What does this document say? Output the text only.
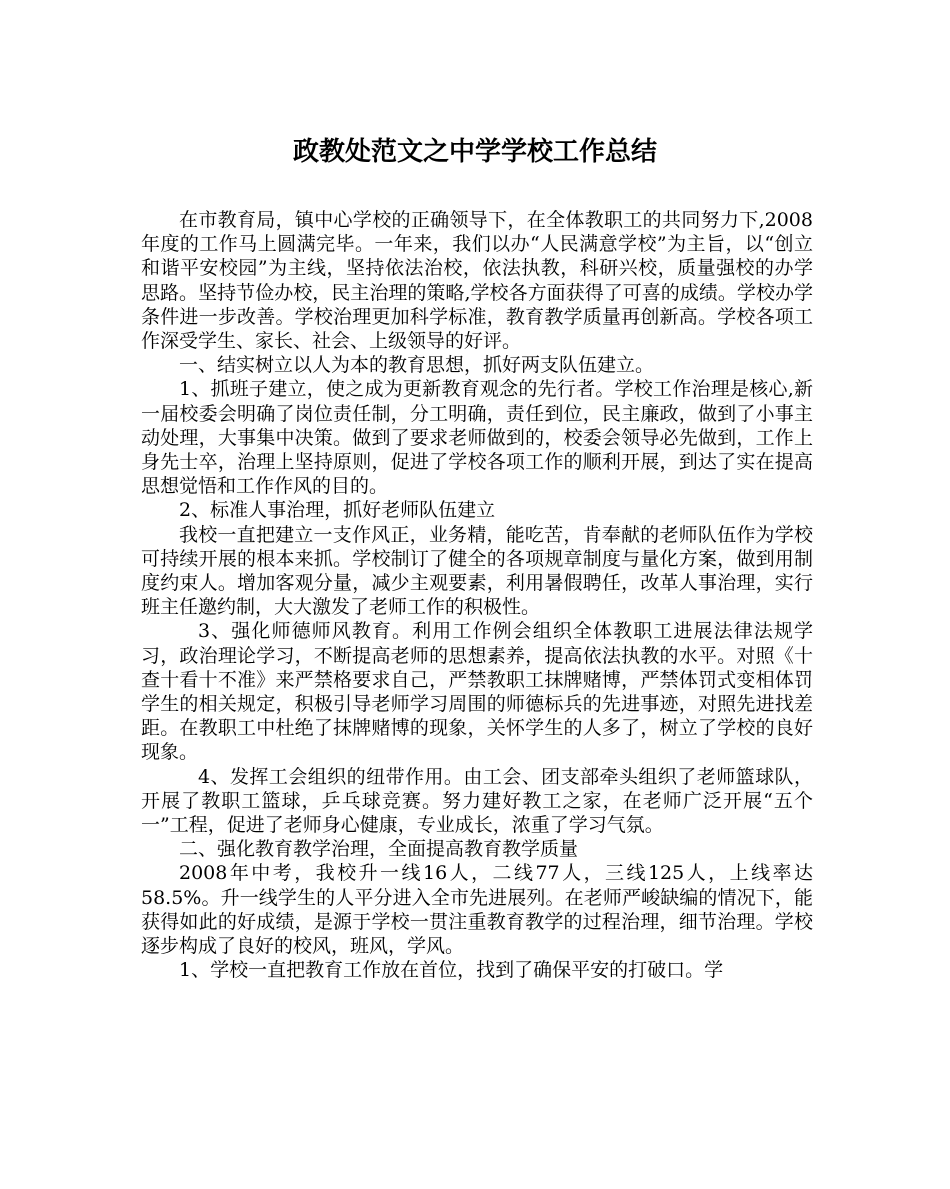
政教处范文之中学学校工作总结

在市教育局，镇中心学校的正确领导下，在全体教职工的共同努力下,2008年度的工作马上圆满完毕。一年来，我们以办“人民满意学校”为主旨，以“创立和谐平安校园”为主线，坚持依法治校，依法执教，科研兴校，质量强校的办学思路。坚持节俭办校，民主治理的策略,学校各方面获得了可喜的成绩。学校办学条件进一步改善。学校治理更加科学标准，教育教学质量再创新高。学校各项工作深受学生、家长、社会、上级领导的好评。

一、结实树立以人为本的教育思想，抓好两支队伍建立。

1、抓班子建立，使之成为更新教育观念的先行者。学校工作治理是核心,新一届校委会明确了岗位责任制，分工明确，责任到位，民主廉政，做到了小事主动处理，大事集中决策。做到了要求老师做到的，校委会领导必先做到，工作上身先士卒，治理上坚持原则，促进了学校各项工作的顺利开展，到达了实在提高思想觉悟和工作作风的目的。

2、标准人事治理，抓好老师队伍建立

我校一直把建立一支作风正，业务精，能吃苦，肯奉献的老师队伍作为学校可持续开展的根本来抓。学校制订了健全的各项规章制度与量化方案，做到用制度约束人。增加客观分量，减少主观要素，利用暑假聘任，改革人事治理，实行班主任邀约制，大大激发了老师工作的积极性。

3、强化师德师风教育。利用工作例会组织全体教职工进展法律法规学习，政治理论学习，不断提高老师的思想素养，提高依法执教的水平。对照《十查十看十不准》来严禁格要求自己，严禁教职工抹牌赌博，严禁体罚式变相体罚学生的相关规定，积极引导老师学习周围的师德标兵的先进事迹，对照先进找差距。在教职工中杜绝了抹牌赌博的现象，关怀学生的人多了，树立了学校的良好现象。

4、发挥工会组织的纽带作用。由工会、团支部牵头组织了老师篮球队，开展了教职工篮球，乒乓球竞赛。努力建好教工之家，在老师广泛开展“五个一”工程，促进了老师身心健康，专业成长，浓重了学习气氛。

二、强化教育教学治理，全面提高教育教学质量

2008年中考，我校升一线16人，二线77人，三线125人，上线率达58.5%。升一线学生的人平分进入全市先进展列。在老师严峻缺编的情况下，能获得如此的好成绩，是源于学校一贯注重教育教学的过程治理，细节治理。学校逐步构成了良好的校风，班风，学风。

1、学校一直把教育工作放在首位，找到了确保平安的打破口。学
